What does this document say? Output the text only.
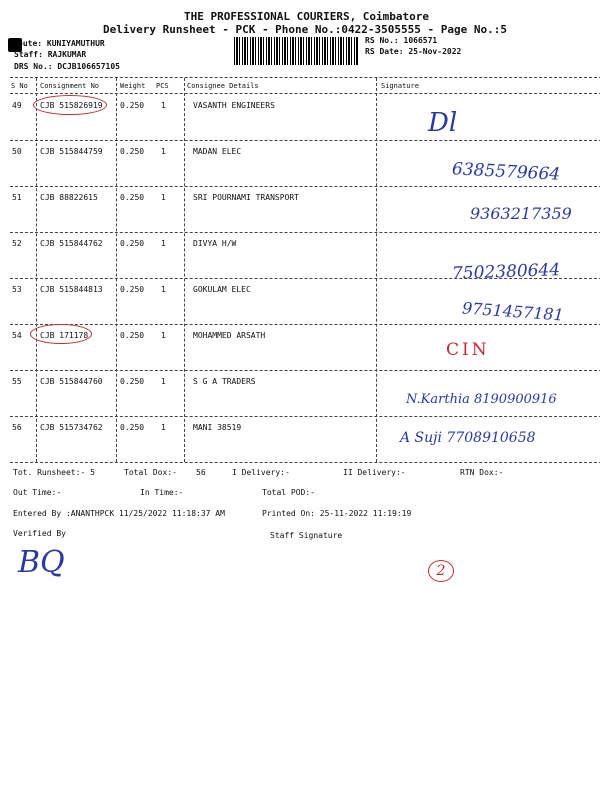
THE PROFESSIONAL COURIERS, Coimbatore
Delivery Runsheet - PCK - Phone No.:0422-3505555 - Page No.:5
oute: KUNIYAMUTHUR
Staff: RAJKUMAR
DRS No.: DCJB106657105
RS No.: 1066571
RS Date: 25-Nov-2022
S No Consignment No	Weight PCS	Consignee Details	Signature
49 CJB 515826919 0.250 1	VASANTH ENGINEERS
Dl
50 CJB 515844759 0.250 1	MADAN ELEC
6385579664
51 CJB 88822615	0.250 1	SRI POURNAMI TRANSPORT
9363217359
52 CJB 515844762 0.250 1	DIVYA H/W
7502380644
53 CJB 515844813 0.250 1	GOKULAM ELEC
9751457181
54 CJB 171178	0.250 1	MOHAMMED ARSATH
CIN
55 CJB 515844760 0.250 1	S G A TRADERS
N.Karthia 8190900916
56 CJB 515734762 0.250 1	MANI 38519
A Suji 7708910658
Tot. Runsheet:- 5	Total Dox:- 56	I Delivery:-	II Delivery:-	RTN Dox:-
Out Time:-	In Time:-	Total POD:-
Entered By :ANANTHPCK 11/25/2022 11:18:37 AM	Printed On: 25-11-2022 11:19:19
Verified By	Staff Signature
BQ	2
